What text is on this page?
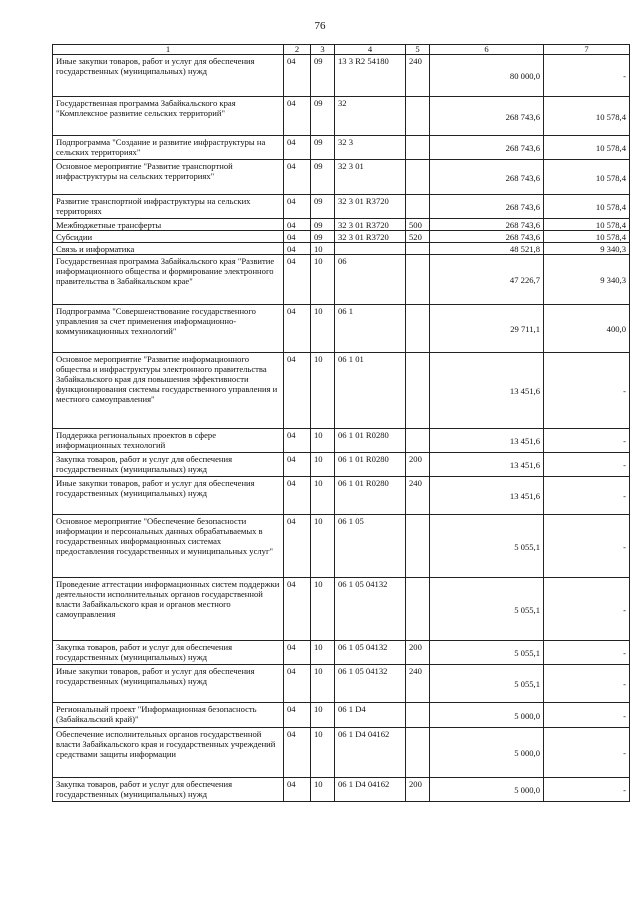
76
1	2	3	4	5	6	7
Иные закупки товаров, работ и услуг для обеспечения государственных (муниципальных) нужд	04	09	13 3 R2 54180	240	80 000,0	-
Государственная программа Забайкальского края "Комплексное развитие сельских территорий"	04	09	32		268 743,6	10 578,4
Подпрограмма "Создание и развитие инфраструктуры на сельских территориях"	04	09	32 3		268 743,6	10 578,4
Основное мероприятие "Развитие транспортной инфраструктуры на сельских территориях"	04	09	32 3 01		268 743,6	10 578,4
Развитие транспортной инфраструктуры на сельских территориях	04	09	32 3 01 R3720		268 743,6	10 578,4
Межбюджетные трансферты	04	09	32 3 01 R3720	500	268 743,6	10 578,4
Субсидии	04	09	32 3 01 R3720	520	268 743,6	10 578,4
Связь и информатика	04	10			48 521,8	9 340,3
Государственная программа Забайкальского края "Развитие информационного общества и формирование электронного правительства в Забайкальском крае"	04	10	06		47 226,7	9 340,3
Подпрограмма "Совершенствование государственного управления за счет применения информационно-коммуникационных технологий"	04	10	06 1		29 711,1	400,0
Основное мероприятие "Развитие информационного общества и инфраструктуры электронного правительства Забайкальского края для повышения эффективности функционирования системы государственного управления и местного самоуправления"	04	10	06 1 01		13 451,6	-
Поддержка региональных проектов в сфере информационных технологий	04	10	06 1 01 R0280		13 451,6	-
Закупка товаров, работ и услуг для обеспечения государственных (муниципальных) нужд	04	10	06 1 01 R0280	200	13 451,6	-
Иные закупки товаров, работ и услуг для обеспечения государственных (муниципальных) нужд	04	10	06 1 01 R0280	240	13 451,6	-
Основное мероприятие "Обеспечение безопасности информации и персональных данных обрабатываемых в государственных информационных системах предоставления государственных и муниципальных услуг"	04	10	06 1 05		5 055,1	-
Проведение аттестации информационных систем поддержки деятельности исполнительных органов государственной власти Забайкальского края и органов местного самоуправления	04	10	06 1 05 04132		5 055,1	-
Закупка товаров, работ и услуг для обеспечения государственных (муниципальных) нужд	04	10	06 1 05 04132	200	5 055,1	-
Иные закупки товаров, работ и услуг для обеспечения государственных (муниципальных) нужд	04	10	06 1 05 04132	240	5 055,1	-
Региональный проект "Информационная безопасность (Забайкальский край)"	04	10	06 1 D4		5 000,0	-
Обеспечение исполнительных органов государственной власти Забайкальского края и государственных учреждений средствами защиты информации	04	10	06 1 D4 04162		5 000,0	-
Закупка товаров, работ и услуг для обеспечения государственных (муниципальных) нужд	04	10	06 1 D4 04162	200	5 000,0	-
